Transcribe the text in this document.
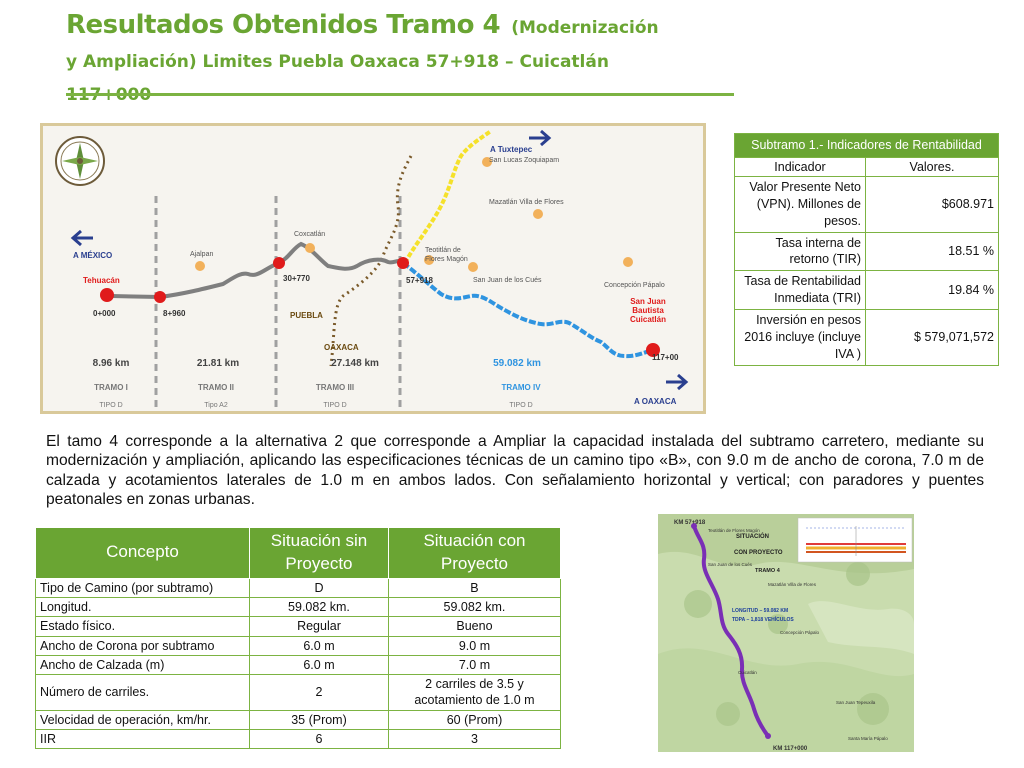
Resultados Obtenidos Tramo 4 (Modernización
y Ampliación) Limites Puebla Oaxaca 57+918 – Cuicatlán

A Tuxtepec
A MÉXICO
A OAXACA
Tehuacán
Ajalpan
Coxcatlán
Teotitlán de Flores Magón
San Lucas Zoquiapam
Mazatlán Villa de Flores
San Juan de los Cués
Concepción Pápalo
San Juan Bautista Cuicatlán
0+000	8+960
30+770	57+918
117+00
PUEBLA
OAXACA
8.96 km	21.81 km	27.148 km	59.082 km
TRAMO I	TRAMO II	TRAMO III	TRAMO IV
TIPO D	Tipo A2	TIPO D	TIPO D
Subtramo 1.- Indicadores de Rentabilidad	
Indicador	Valores.
Valor Presente Neto (VPN). Millones de pesos.	$608.971
Tasa interna de retorno (TIR)	18.51 %
Tasa de Rentabilidad Inmediata (TRI)	19.84 %
Inversión en pesos 2016 incluye (incluye IVA )	$ 579,071,572

El tamo 4 corresponde a la alternativa 2 que corresponde a Ampliar la capacidad instalada del subtramo carretero, mediante su modernización y ampliación, aplicando las especificaciones técnicas de un camino tipo «B», con 9.0 m de ancho de corona, 7.0 m de calzada y acotamientos laterales de 1.0 m en ambos lados. Con señalamiento horizontal y vertical; con paradores y puentes peatonales en zonas urbanas.

Concepto	Situación sin Proyecto	Situación con Proyecto
Tipo de Camino (por subtramo)	D	B
Longitud.	59.082 km.	59.082 km.
Estado físico.	Regular	Bueno
Ancho de Corona por subtramo	6.0 m	9.0 m
Ancho de Calzada (m)	6.0 m	7.0 m
Número de carriles.	2	2 carriles de 3.5 y acotamiento de 1.0 m
Velocidad de operación, km/hr.	35 (Prom)	60 (Prom)
IIR	6	3
KM 57+918
KM 117+000
SITUACIÓN
CON PROYECTO
TRAMO 4
LONGITUD – 59.082 KM
TDPA – 1,818 VEHÍCULOS
Teotitlán de Flores Magón
San Juan de los Cués
Mazatlán Villa de Flores
Concepción Pápalo
San Juan Tepeuxila
Santa María Pápalo
Cuicatlán
